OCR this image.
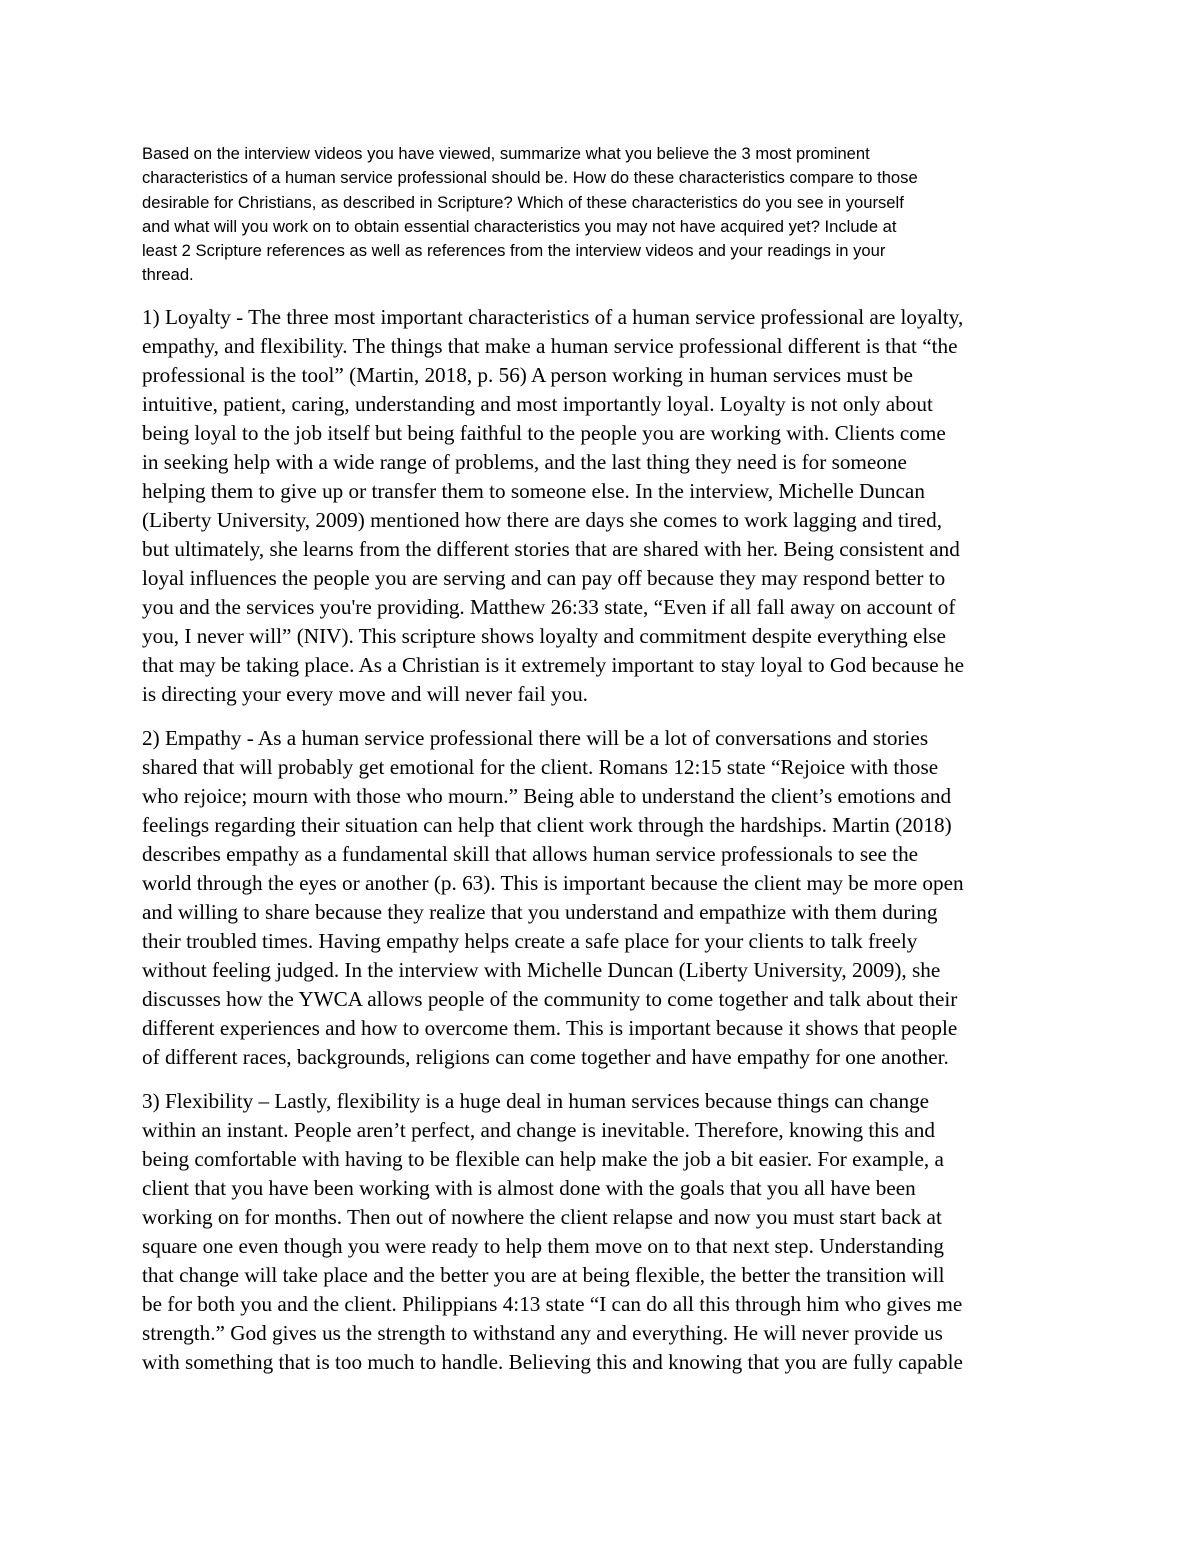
Based on the interview videos you have viewed, summarize what you believe the 3 most prominent
characteristics of a human service professional should be. How do these characteristics compare to those
desirable for Christians, as described in Scripture? Which of these characteristics do you see in yourself
and what will you work on to obtain essential characteristics you may not have acquired yet? Include at
least 2 Scripture references as well as references from the interview videos and your readings in your
thread.

1) Loyalty - The three most important characteristics of a human service professional are loyalty,
empathy, and flexibility. The things that make a human service professional different is that “the
professional is the tool” (Martin, 2018, p. 56) A person working in human services must be
intuitive, patient, caring, understanding and most importantly loyal. Loyalty is not only about
being loyal to the job itself but being faithful to the people you are working with. Clients come
in seeking help with a wide range of problems, and the last thing they need is for someone
helping them to give up or transfer them to someone else. In the interview, Michelle Duncan
(Liberty University, 2009) mentioned how there are days she comes to work lagging and tired,
but ultimately, she learns from the different stories that are shared with her. Being consistent and
loyal influences the people you are serving and can pay off because they may respond better to
you and the services you're providing. Matthew 26:33 state, “Even if all fall away on account of
you, I never will” (NIV). This scripture shows loyalty and commitment despite everything else
that may be taking place. As a Christian is it extremely important to stay loyal to God because he
is directing your every move and will never fail you.

2) Empathy - As a human service professional there will be a lot of conversations and stories
shared that will probably get emotional for the client. Romans 12:15 state “Rejoice with those
who rejoice; mourn with those who mourn.” Being able to understand the client’s emotions and
feelings regarding their situation can help that client work through the hardships. Martin (2018)
describes empathy as a fundamental skill that allows human service professionals to see the
world through the eyes or another (p. 63). This is important because the client may be more open
and willing to share because they realize that you understand and empathize with them during
their troubled times. Having empathy helps create a safe place for your clients to talk freely
without feeling judged. In the interview with Michelle Duncan (Liberty University, 2009), she
discusses how the YWCA allows people of the community to come together and talk about their
different experiences and how to overcome them. This is important because it shows that people
of different races, backgrounds, religions can come together and have empathy for one another.

3) Flexibility – Lastly, flexibility is a huge deal in human services because things can change
within an instant. People aren’t perfect, and change is inevitable. Therefore, knowing this and
being comfortable with having to be flexible can help make the job a bit easier. For example, a
client that you have been working with is almost done with the goals that you all have been
working on for months. Then out of nowhere the client relapse and now you must start back at
square one even though you were ready to help them move on to that next step. Understanding
that change will take place and the better you are at being flexible, the better the transition will
be for both you and the client. Philippians 4:13 state “I can do all this through him who gives me
strength.” God gives us the strength to withstand any and everything. He will never provide us
with something that is too much to handle. Believing this and knowing that you are fully capable
